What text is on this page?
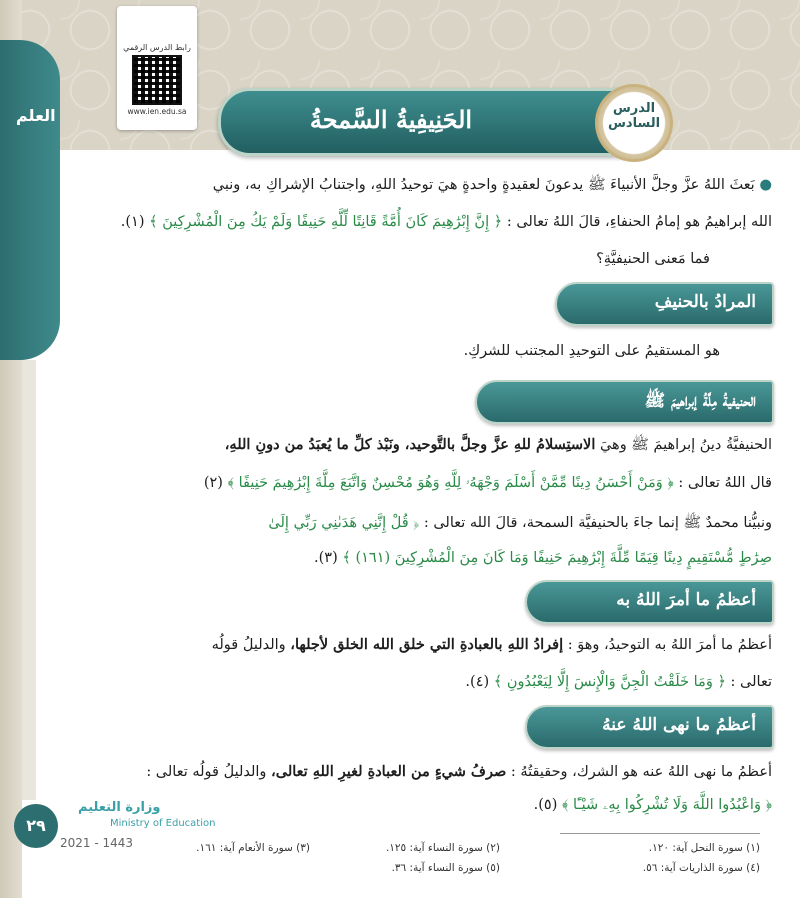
العلم
رابط الدرس الرقمي
www.ien.edu.sa	الحَنِيفِيةُ السَّمحةُ	الدرس
السادس
● بَعثَ اللهُ عزَّ وجلَّ الأنبياءَ ﷺ يدعونَ لعقيدةٍ واحدةٍ هيَ توحيدُ اللهِ، واجتنابُ الإشراكِ به، ونبي
الله إبراهيمُ هو إمامُ الحنفاءِ، قالَ اللهُ تعالى : ﴿ إِنَّ إِبْرَٰهِيمَ كَانَ أُمَّةً قَانِتًا لِّلَّهِ حَنِيفًا وَلَمْ يَكُ مِنَ الْمُشْرِكِينَ ﴾ (١).
فما مَعنى الحنيفيَّةِ؟
المرادُ بالحنيفِ
هو المستقيمُ على التوحيدِ المجتنب للشركِ.
الحنيفيةُ مِلَّةُ إبراهيمَ ﷺ
الحنيفيَّةُ دينُ إبراهيمَ ﷺ وهيَ الاستِسلامُ للهِ عزَّ وجلَّ بالتَّوحيد، ونَبْذ كلِّ ما يُعبَدُ من دونِ اللهِ،
قال اللهُ تعالى : ﴿ وَمَنْ أَحْسَنُ دِينًا مِّمَّنْ أَسْلَمَ وَجْهَهُۥ لِلَّهِ وَهُوَ مُحْسِنٌ وَاتَّبَعَ مِلَّةَ إِبْرَٰهِيمَ حَنِيفًا ﴾ (٢)
ونبيُّنا محمدٌ ﷺ إنما جاءَ بالحنيفيَّة السمحة، قالَ الله تعالى : ﴿ قُلْ إِنَّنِي هَدَىٰنِي رَبِّي إِلَىٰ
صِرَٰطٍ مُّسْتَقِيمٍ دِينًا قِيَمًا مِّلَّةَ إِبْرَٰهِيمَ حَنِيفًا وَمَا كَانَ مِنَ الْمُشْرِكِينَ (١٦١) ﴾ (٣).
أعظمُ ما أمرَ اللهُ به
أعظمُ ما أمرَ اللهُ به التوحيدُ، وهوَ : إفرادُ اللهِ بالعبادةِ التي خلق الله الخلق لأجلها، والدليلُ قولُه
تعالى : ﴿ وَمَا خَلَقْتُ الْجِنَّ وَالْإِنسَ إِلَّا لِيَعْبُدُونِ ﴾ (٤).
أعظمُ ما نهى اللهُ عنهُ
أعظمُ ما نهى اللهُ عنه هو الشرك، وحقيقتُهُ : صرفُ شيءٍ من العبادةِ لغيرِ اللهِ تعالى، والدليلُ قولُه تعالى :
﴿ وَاعْبُدُوا اللَّهَ وَلَا تُشْرِكُوا بِهِۦ شَيْـًٔا ﴾ (٥).
(١) سورة النحل آية: ١٢٠.
(٢) سورة النساء آية: ١٢٥.
(٣) سورة الأنعام آية: ١٦١.
(٤) سورة الذاريات آية: ٥٦.
(٥) سورة النساء آية: ٣٦.
٢٩
وزارة التعليم
Ministry of Education
2021 - 1443
